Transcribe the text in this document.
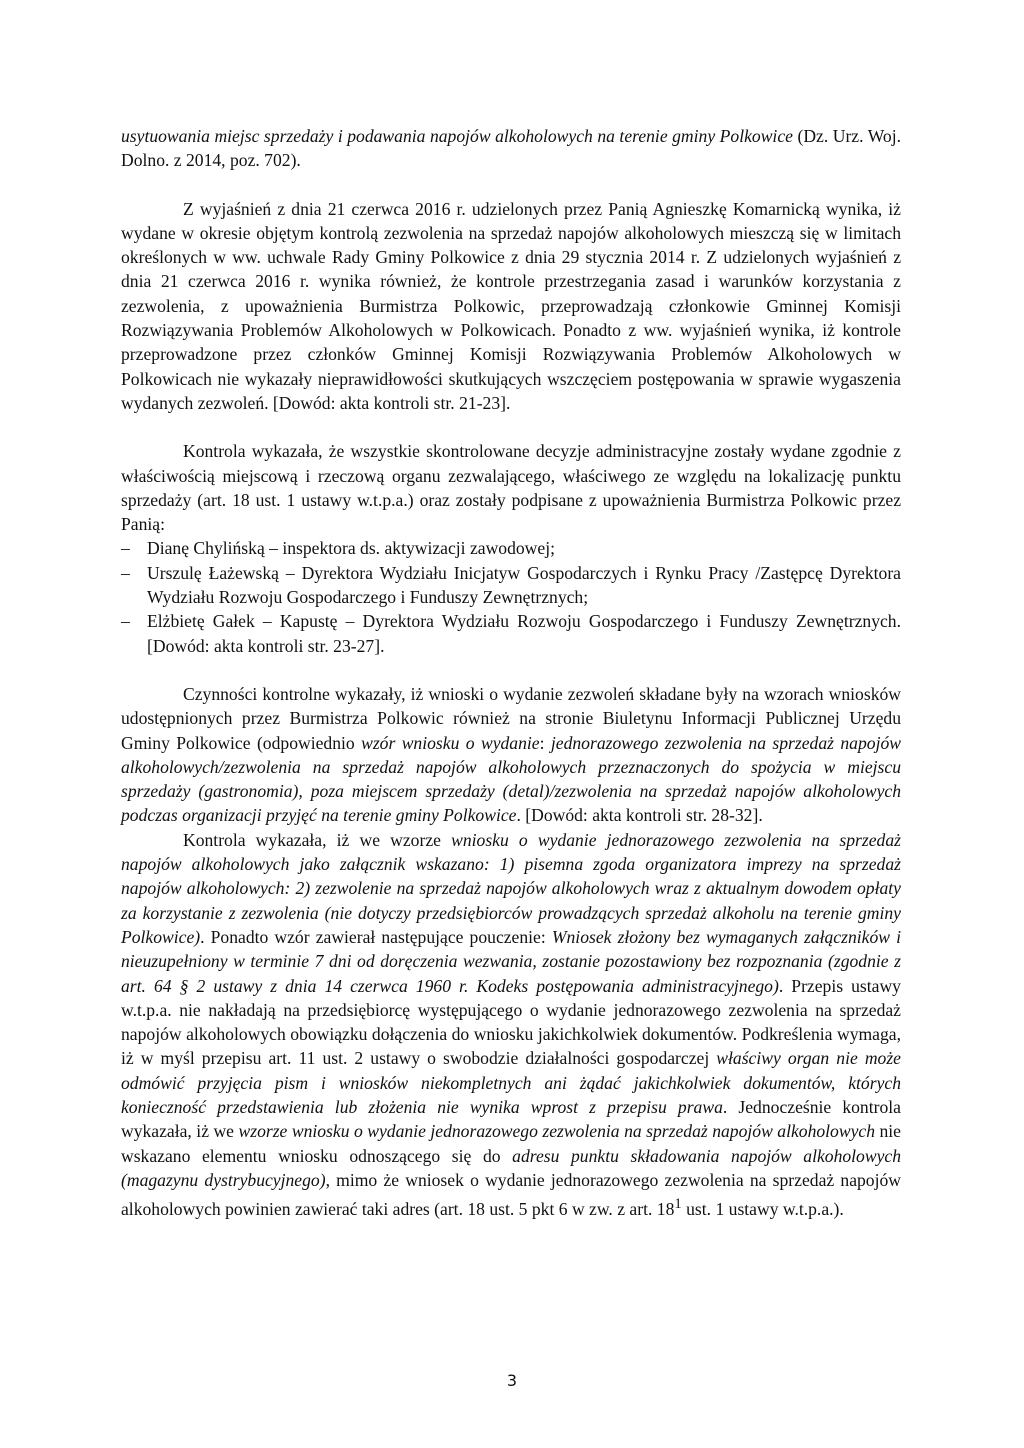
usytuowania miejsc sprzedaży i podawania napojów alkoholowych na terenie gminy Polkowice (Dz. Urz. Woj. Dolno. z 2014, poz. 702).

Z wyjaśnień z dnia 21 czerwca 2016 r. udzielonych przez Panią Agnieszkę Komarnicką wynika, iż wydane w okresie objętym kontrolą zezwolenia na sprzedaż napojów alkoholowych mieszczą się w limitach określonych w ww. uchwale Rady Gminy Polkowice z dnia 29 stycznia 2014 r. Z udzielonych wyjaśnień z dnia 21 czerwca 2016 r. wynika również, że kontrole przestrzegania zasad i warunków korzystania z zezwolenia, z upoważnienia Burmistrza Polkowic, przeprowadzają członkowie Gminnej Komisji Rozwiązywania Problemów Alkoholowych w Polkowicach. Ponadto z ww. wyjaśnień wynika, iż kontrole przeprowadzone przez członków Gminnej Komisji Rozwiązywania Problemów Alkoholowych w Polkowicach nie wykazały nieprawidłowości skutkujących wszczęciem postępowania w sprawie wygaszenia wydanych zezwoleń. [Dowód: akta kontroli str. 21-23].

Kontrola wykazała, że wszystkie skontrolowane decyzje administracyjne zostały wydane zgodnie z właściwością miejscową i rzeczową organu zezwalającego, właściwego ze względu na lokalizację punktu sprzedaży (art. 18 ust. 1 ustawy w.t.p.a.) oraz zostały podpisane z upoważnienia Burmistrza Polkowic przez Panią:

– Dianę Chylińską – inspektora ds. aktywizacji zawodowej;
– Urszulę Łażewską – Dyrektora Wydziału Inicjatyw Gospodarczych i Rynku Pracy /Zastępcę Dyrektora Wydziału Rozwoju Gospodarczego i Funduszy Zewnętrznych;
– Elżbietę Gałek – Kapustę – Dyrektora Wydziału Rozwoju Gospodarczego i Funduszy Zewnętrznych. [Dowód: akta kontroli str. 23-27].

Czynności kontrolne wykazały, iż wnioski o wydanie zezwoleń składane były na wzorach wniosków udostępnionych przez Burmistrza Polkowic również na stronie Biuletynu Informacji Publicznej Urzędu Gminy Polkowice (odpowiednio wzór wniosku o wydanie: jednorazowego zezwolenia na sprzedaż napojów alkoholowych/zezwolenia na sprzedaż napojów alkoholowych przeznaczonych do spożycia w miejscu sprzedaży (gastronomia), poza miejscem sprzedaży (detal)/zezwolenia na sprzedaż napojów alkoholowych podczas organizacji przyjęć na terenie gminy Polkowice. [Dowód: akta kontroli str. 28-32].

Kontrola wykazała, iż we wzorze wniosku o wydanie jednorazowego zezwolenia na sprzedaż napojów alkoholowych jako załącznik wskazano: 1) pisemna zgoda organizatora imprezy na sprzedaż napojów alkoholowych: 2) zezwolenie na sprzedaż napojów alkoholowych wraz z aktualnym dowodem opłaty za korzystanie z zezwolenia (nie dotyczy przedsiębiorców prowadzących sprzedaż alkoholu na terenie gminy Polkowice). Ponadto wzór zawierał następujące pouczenie: Wniosek złożony bez wymaganych załączników i nieuzupełniony w terminie 7 dni od doręczenia wezwania, zostanie pozostawiony bez rozpoznania (zgodnie z art. 64 § 2 ustawy z dnia 14 czerwca 1960 r. Kodeks postępowania administracyjnego). Przepis ustawy w.t.p.a. nie nakładają na przedsiębiorcę występującego o wydanie jednorazowego zezwolenia na sprzedaż napojów alkoholowych obowiązku dołączenia do wniosku jakichkolwiek dokumentów. Podkreślenia wymaga, iż w myśl przepisu art. 11 ust. 2 ustawy o swobodzie działalności gospodarczej właściwy organ nie może odmówić przyjęcia pism i wniosków niekompletnych ani żądać jakichkolwiek dokumentów, których konieczność przedstawienia lub złożenia nie wynika wprost z przepisu prawa. Jednocześnie kontrola wykazała, iż we wzorze wniosku o wydanie jednorazowego zezwolenia na sprzedaż napojów alkoholowych nie wskazano elementu wniosku odnoszącego się do adresu punktu składowania napojów alkoholowych (magazynu dystrybucyjnego), mimo że wniosek o wydanie jednorazowego zezwolenia na sprzedaż napojów alkoholowych powinien zawierać taki adres (art. 18 ust. 5 pkt 6 w zw. z art. $18^1$ ust. 1 ustawy w.t.p.a.).

3
